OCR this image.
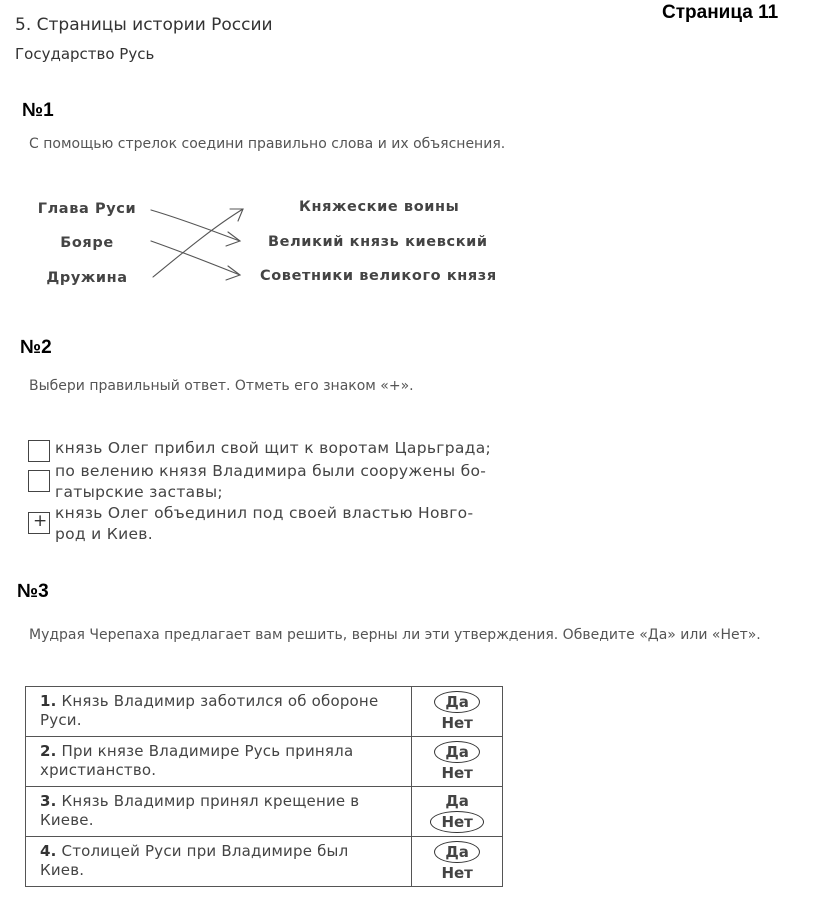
Страница 11
5. Страницы истории России
Государство Русь
№1
С помощью стрелок соедини правильно слова и их объяснения.
Глава Руси
Бояре
Дружина
Княжеские воины
Великий князь киевский
Советники великого князя
№2
Выбери правильный ответ. Отметь его знаком «+».
князь Олег прибил свой щит к воротам Царьграда;
по велению князя Владимира были сооружены бо-
гатырские заставы;
+ князь Олег объединил под своей властью Новго-
род и Киев.
№3
Мудрая Черепаха предлагает вам решить, верны ли эти утверждения. Обведите «Да» или «Нет».
1. Князь Владимир заботился об обороне
Руси.	Да
Нет

2. При князе Владимире Русь приняла
христианство.	Да
Нет

3. Князь Владимир принял крещение в
Киеве.	Да
Нет

4. Столицей Руси при Владимире был
Киев.	Да
Нет
